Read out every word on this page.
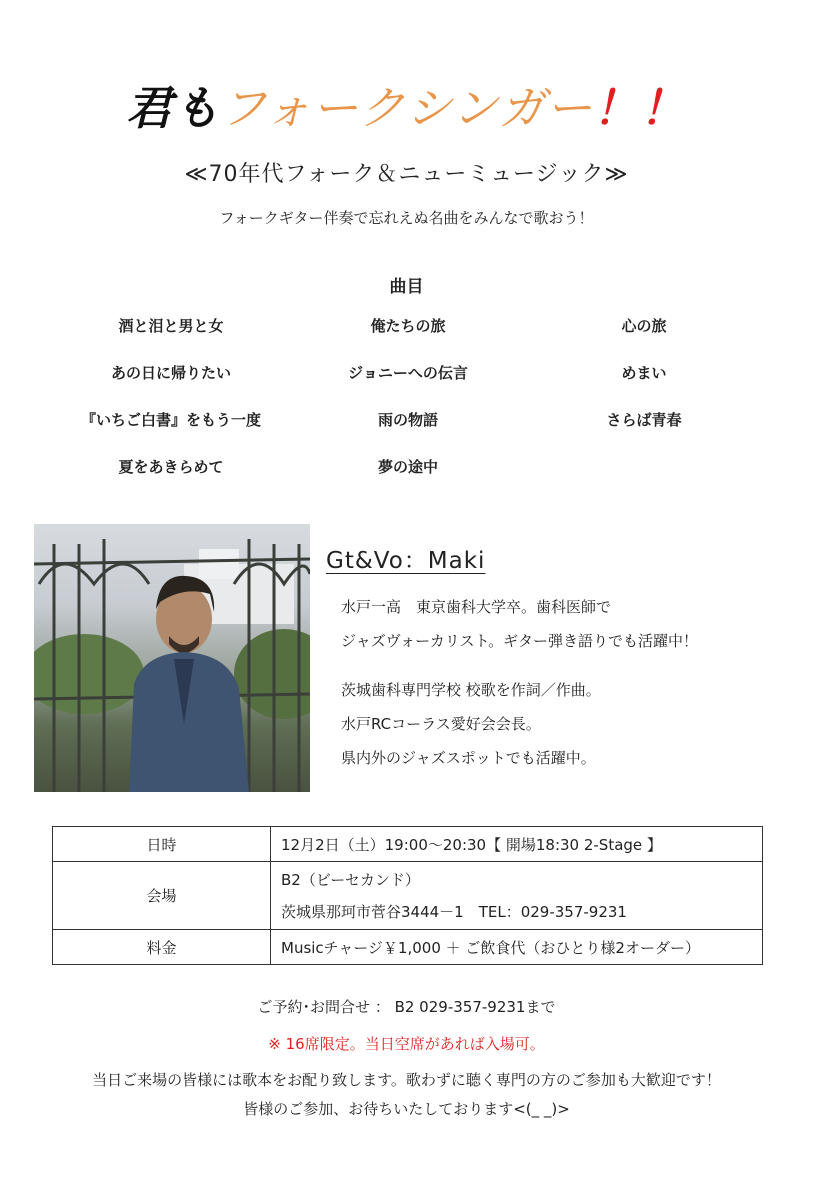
君もフォークシンガー！！
≪70年代フォーク＆ニューミュージック≫
フォークギター伴奏で忘れえぬ名曲をみんなで歌おう！
曲目
酒と泪と男と女	俺たちの旅	心の旅
あの日に帰りたい	ジョニーへの伝言	めまい
『いちご白書』をもう一度	雨の物語	さらば青春
夏をあきらめて	夢の途中
Gt&Vo：Maki
水戸一高　東京歯科大学卒。歯科医師で
ジャズヴォーカリスト。ギター弾き語りでも活躍中！
茨城歯科専門学校 校歌を作詞／作曲。
水戸RCコーラス愛好会会長。
県内外のジャズスポットでも活躍中。
日時	12月2日（土）19:00～20:30【 開場18:30 2-Stage 】
会場	B2（ビーセカンド）
茨城県那珂市菅谷3444－1　TEL：029-357-9231

料金	Musicチャージ￥1,000 ＋ ご飲食代（おひとり様2オーダー）
ご予約･お問合せ ： B2 029-357-9231まで
※ 16席限定。当日空席があれば入場可。
当日ご来場の皆様には歌本をお配り致します。歌わずに聴く専門の方のご参加も大歓迎です！
皆様のご参加、お待ちいたしております<(_ _)>
